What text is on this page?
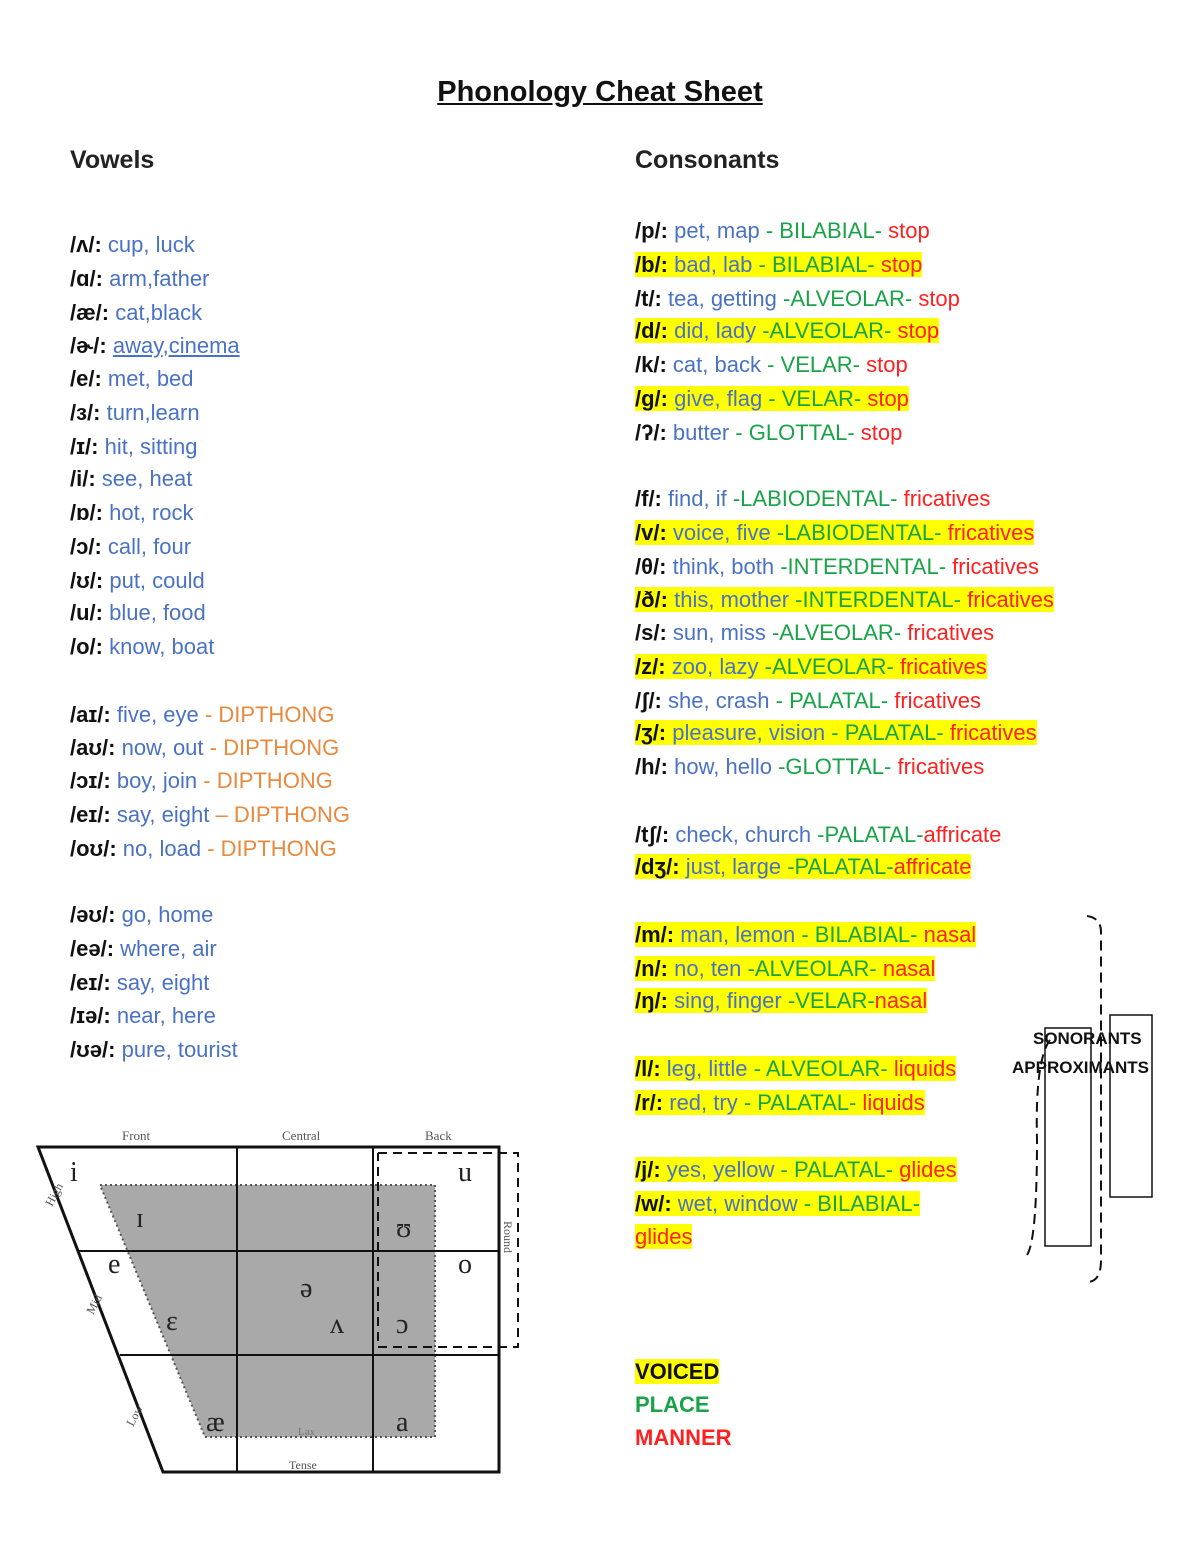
Phonology Cheat Sheet
Vowels	Consonants
/ʌ/: cup, luck
/ɑ/: arm,father
/æ/: cat,black
/ɚ/: away,cinema
/e/: met, bed
/ɜ/: turn,learn
/ɪ/: hit, sitting
/i/: see, heat
/ɒ/: hot, rock
/ɔ/: call, four
/ʊ/: put, could
/u/: blue, food
/o/: know, boat
/aɪ/: five, eye - DIPTHONG
/aʊ/: now, out - DIPTHONG
/ɔɪ/: boy, join - DIPTHONG
/eɪ/: say, eight – DIPTHONG
/oʊ/: no, load - DIPTHONG
/əʊ/: go, home
/eə/: where, air
/eɪ/: say, eight
/ɪə/: near, here
/ʊə/: pure, tourist
Front	Central	Back
High
Mid
Low
Round
Lax
Tense
i	u
ɪ	ʊ
e	o
ə
ɛ	ʌ ɔ
æ	a
/p/: pet, map - BILABIAL- stop
/b/: bad, lab - BILABIAL- stop
/t/: tea, getting -ALVEOLAR- stop
/d/: did, lady -ALVEOLAR- stop
/k/: cat, back - VELAR- stop
/g/: give, flag - VELAR- stop
/ʔ/: butter - GLOTTAL- stop
/f/: find, if -LABIODENTAL- fricatives
/v/: voice, five -LABIODENTAL- fricatives
/θ/: think, both -INTERDENTAL- fricatives
/ð/: this, mother -INTERDENTAL- fricatives
/s/: sun, miss -ALVEOLAR- fricatives
/z/: zoo, lazy -ALVEOLAR- fricatives
/ʃ/: she, crash - PALATAL- fricatives
/ʒ/: pleasure, vision - PALATAL- fricatives
/h/: how, hello -GLOTTAL- fricatives
/tʃ/: check, church -PALATAL-affricate
/dʒ/: just, large -PALATAL-affricate
/m/: man, lemon - BILABIAL- nasal
/n/: no, ten -ALVEOLAR- nasal
/ŋ/: sing, finger -VELAR-nasal
/l/: leg, little - ALVEOLAR- liquids
/r/: red, try - PALATAL- liquids
/j/: yes, yellow - PALATAL- glides
/w/: wet, window - BILABIAL-
glides
SONORANTS
APPROXIMANTS
VOICED
PLACE
MANNER
